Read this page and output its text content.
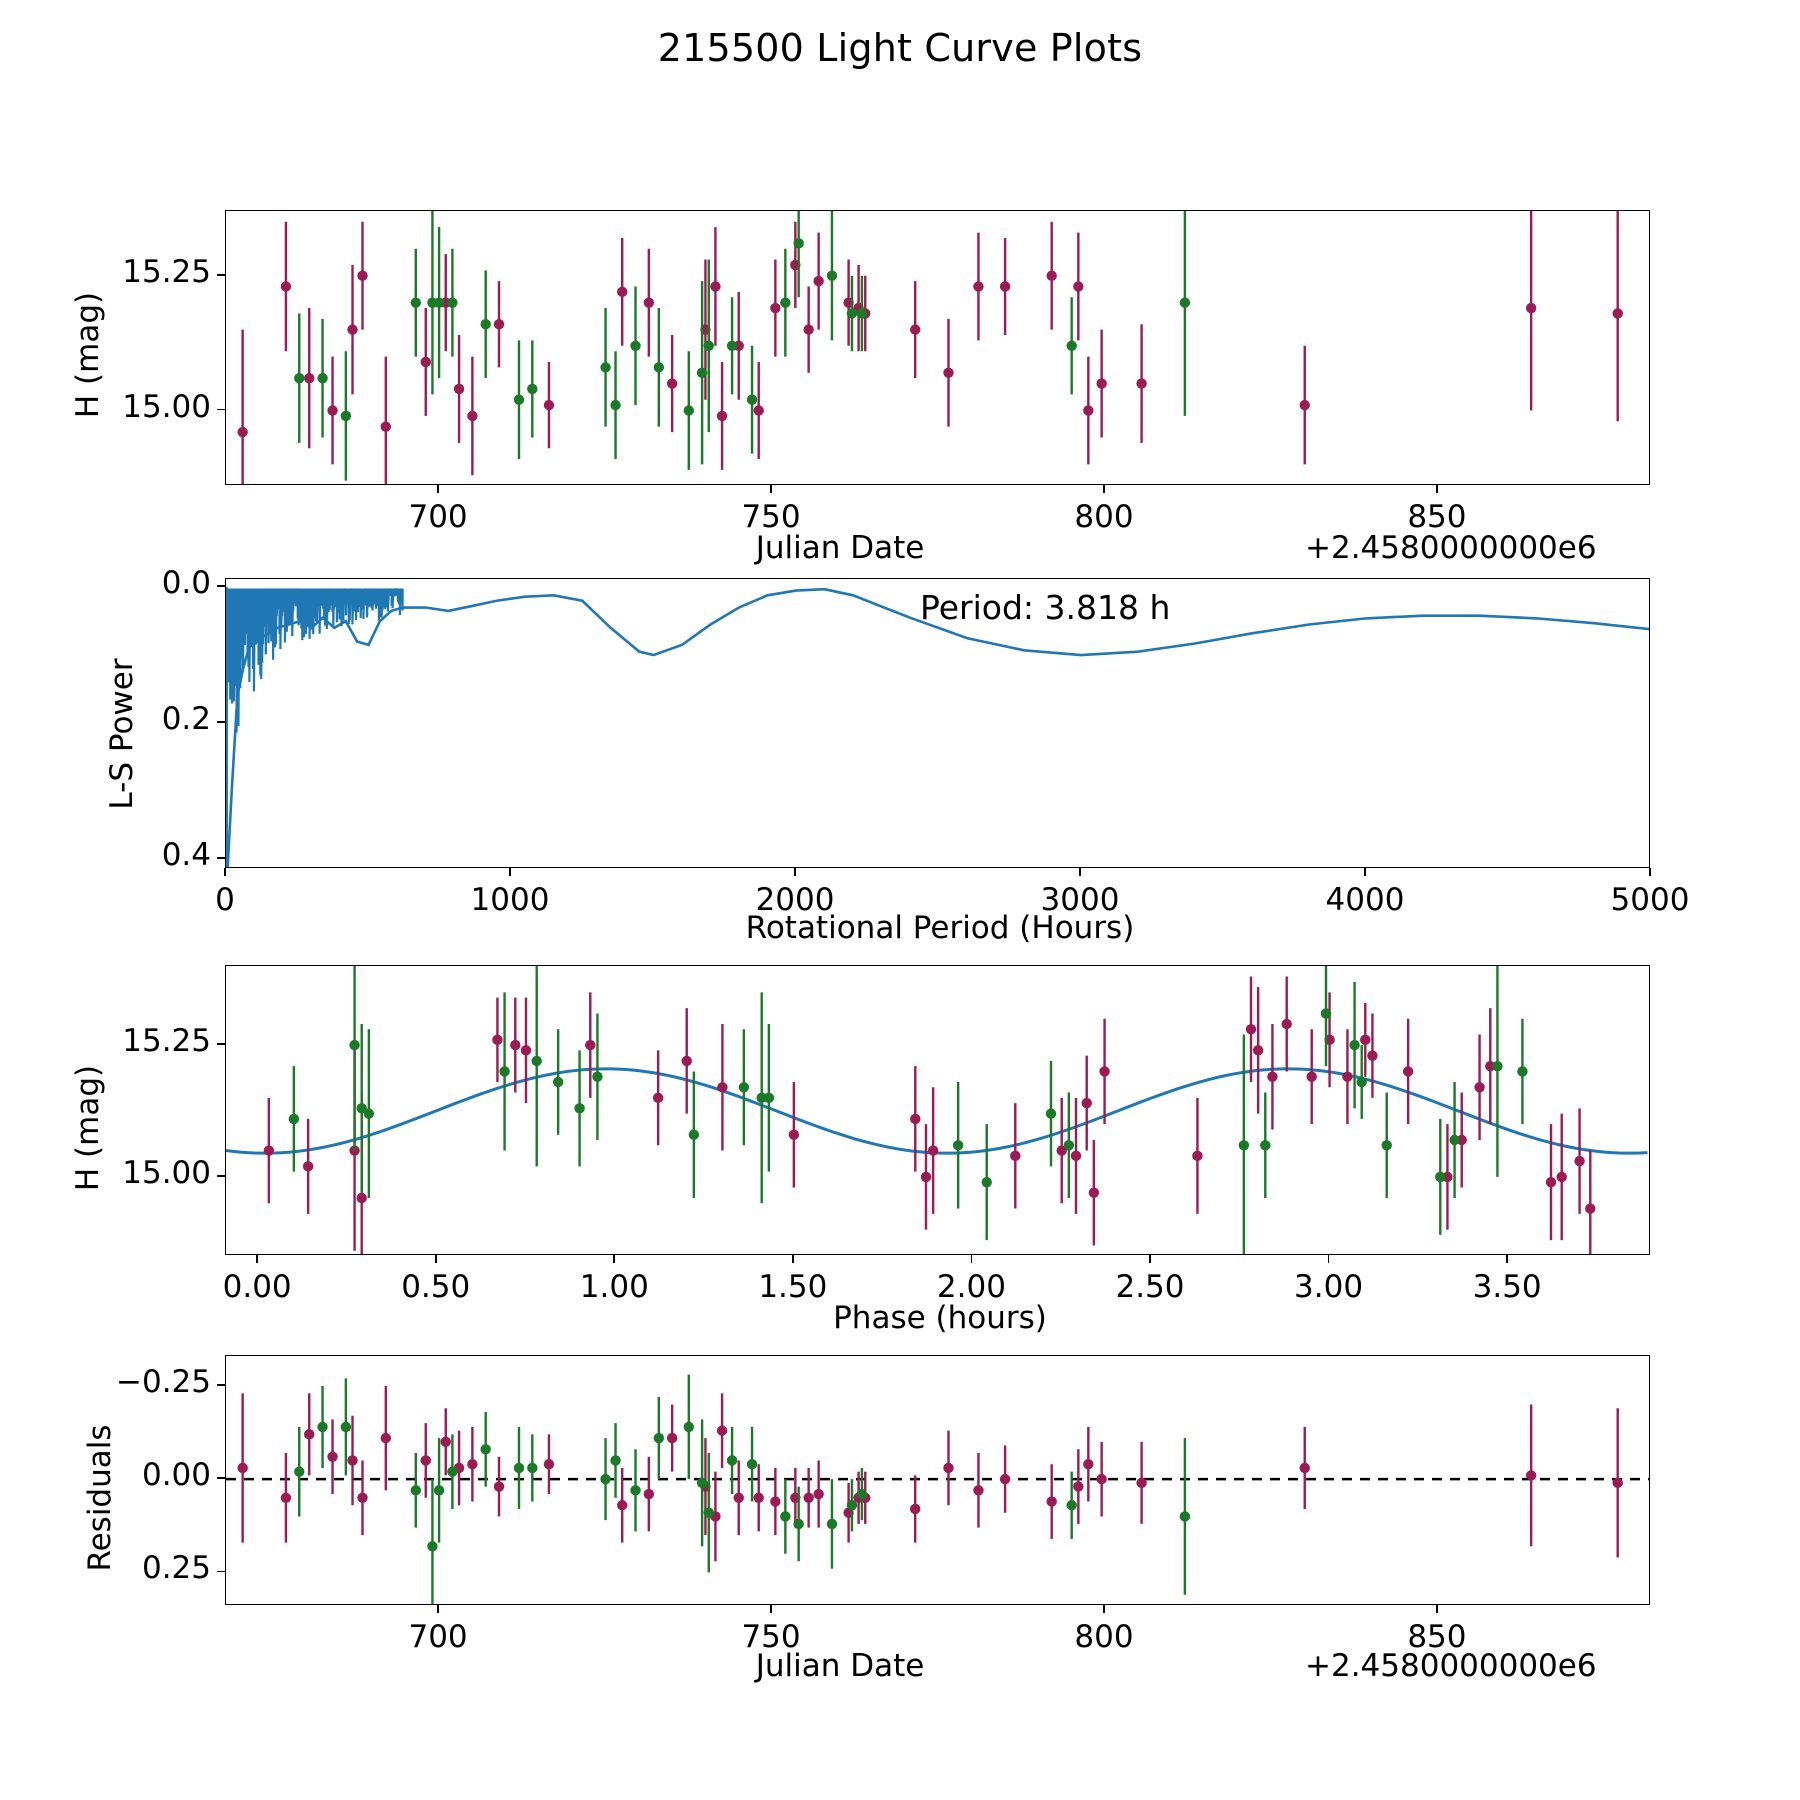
215500 Light Curve Plots
H (mag)
Julian Date	+2.4580000000e6
L-S Power
Rotational Period (Hours)
Period: 3.818 h
H (mag)
Phase (hours)
Residuals
Julian Date	+2.4580000000e6
700	750	800	850
15.25
15.00
0	1000	2000	3000	4000	5000
0.0
0.2
0.4
0.00	0.50	1.00	1.50	2.00	2.50	3.00	3.50
15.25
15.00
700	750	800	850
0.25
0.00
−0.25
